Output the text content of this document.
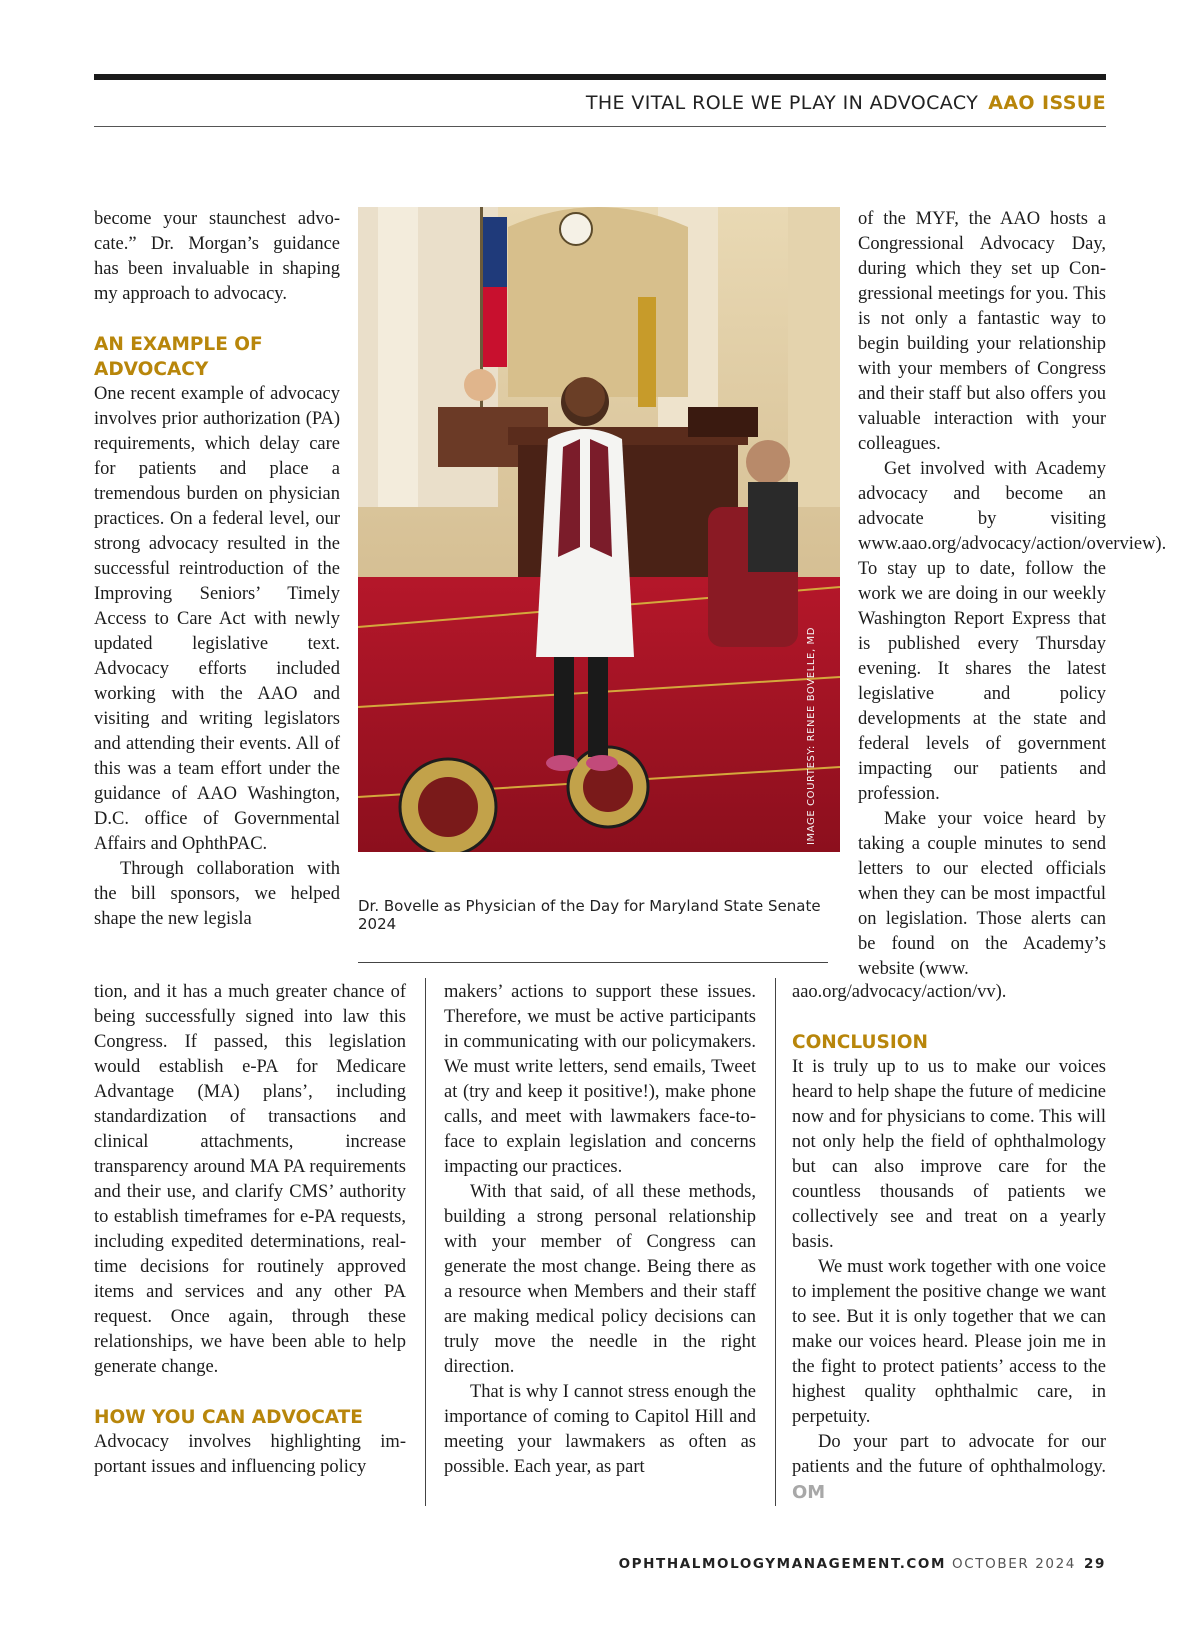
THE VITAL ROLE WE PLAY IN ADVOCACY AAO ISSUE

become your staunchest advocate.” Dr. Morgan’s guidance has been invaluable in shaping my approach to advocacy.

AN EXAMPLE OF ADVOCACY

One recent example of advocacy involves prior authorization (PA) requirements, which delay care for patients and place a tremendous burden on physician practices. On a federal level, our strong advocacy resulted in the successful reintroduction of the Improving Seniors’ Timely Access to Care Act with newly updated legislative text. Advocacy efforts included working with the AAO and visiting and writing legislators and attending their events. All of this was a team effort under the guidance of AAO Washington, D.C. office of Governmental Affairs and OphthPAC.

Through collaboration with the bill sponsors, we helped shape the new legisla

IMAGE COURTESY: RENEE BOVELLE, MD
Dr. Bovelle as Physician of the Day for Maryland State Senate 2024

of the MYF, the AAO hosts a Congressional Advocacy Day, during which they set up Congressional meetings for you. This is not only a fantastic way to begin building your relationship with your members of Congress and their staff but also offers you valuable interaction with your colleagues.

Get involved with Academy advocacy and become an advocate by visiting www.aao.org/advocacy/action/overview). To stay up to date, follow the work we are doing in our weekly Washington Report Express that is published every Thursday evening. It shares the latest legislative and policy developments at the state and federal levels of government impacting our patients and profession.

Make your voice heard by taking a couple minutes to send letters to our elected officials when they can be most impactful on legislation. Those alerts can be found on the Academy’s website (www.

tion, and it has a much greater chance of being successfully signed into law this Congress. If passed, this legislation would establish e-PA for Medicare Advantage (MA) plans’, including standardization of transactions and clinical attachments, increase transparency around MA PA requirements and their use, and clarify CMS’ authority to establish timeframes for e-PA requests, including expedited determinations, real-time decisions for routinely approved items and services and any other PA request. Once again, through these relationships, we have been able to help generate change.

HOW YOU CAN ADVOCATE

Advocacy involves highlighting important issues and influencing policy

makers’ actions to support these issues. Therefore, we must be active participants in communicating with our policymakers. We must write letters, send emails, Tweet at (try and keep it positive!), make phone calls, and meet with lawmakers face-to-face to explain legislation and concerns impacting our practices.

With that said, of all these methods, building a strong personal relationship with your member of Congress can generate the most change. Being there as a resource when Members and their staff are making medical policy decisions can truly move the needle in the right direction.

That is why I cannot stress enough the importance of coming to Capitol Hill and meeting your lawmakers as often as possible. Each year, as part

aao.org/advocacy/action/vv).

CONCLUSION

It is truly up to us to make our voices heard to help shape the future of medicine now and for physicians to come. This will not only help the field of ophthalmology but can also improve care for the countless thousands of patients we collectively see and treat on a yearly basis.

We must work together with one voice to implement the positive change we want to see. But it is only together that we can make our voices heard. Please join me in the fight to protect patients’ access to the highest quality ophthalmic care, in perpetuity.

Do your part to advocate for our patients and the future of ophthalmology. OM

OPHTHALMOLOGYMANAGEMENT.COM OCTOBER 2024 29
